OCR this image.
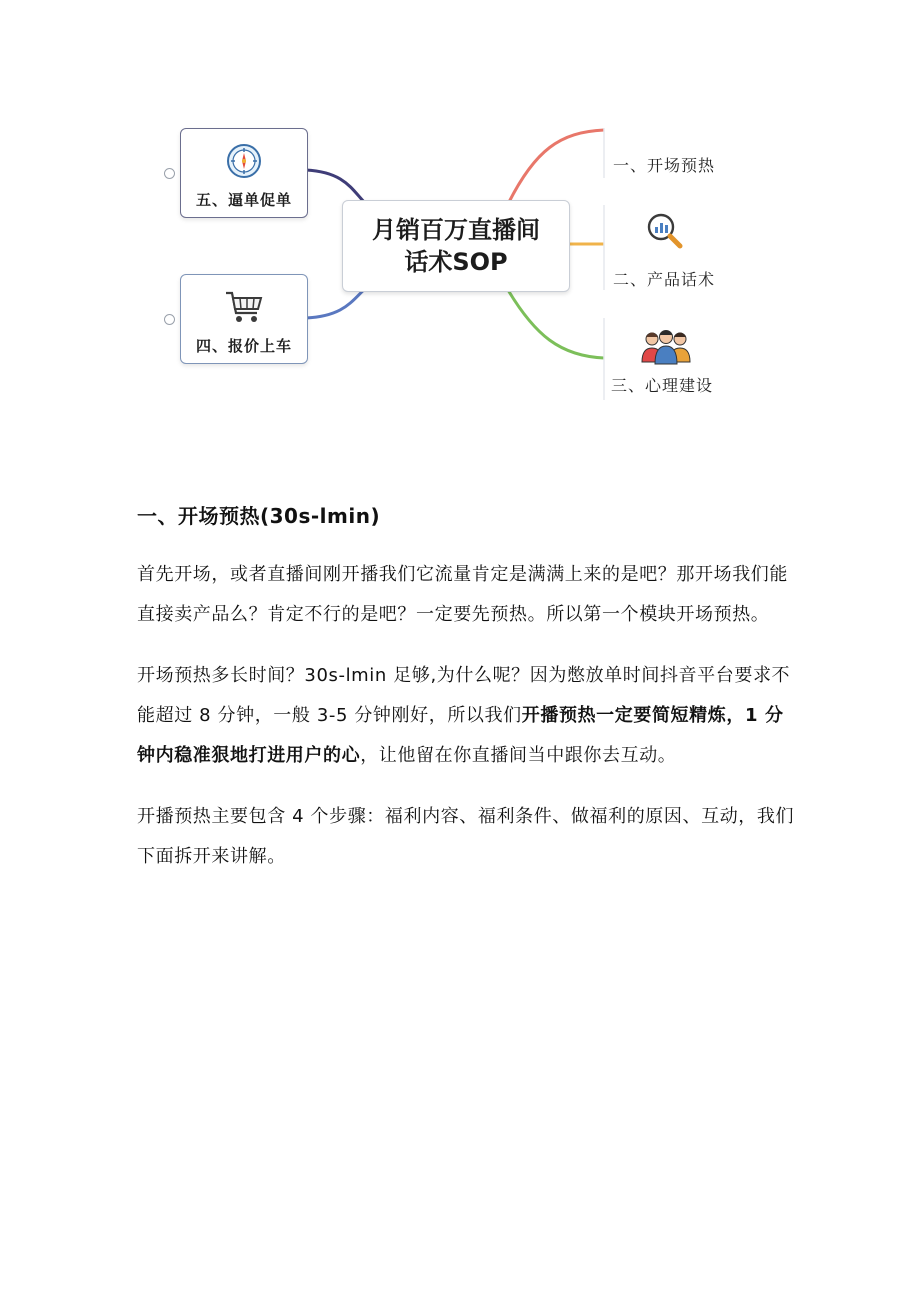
月销百万直播间
话术SOP
五、逼单促单
四、报价上车
一、开场预热
二、产品话术
三、心理建设
一、开场预热(30s-lmin)

首先开场，或者直播间刚开播我们它流量肯定是满满上来的是吧？那开场我们能直接卖产品么？肯定不行的是吧？一定要先预热。所以第一个模块开场预热。

开场预热多长时间？30s-lmin 足够,为什么呢？因为憋放单时间抖音平台要求不能超过 8 分钟，一般 3-5 分钟刚好，所以我们开播预热一定要简短精炼，1 分钟内稳准狠地打进用户的心，让他留在你直播间当中跟你去互动。

开播预热主要包含 4 个步骤：福利内容、福利条件、做福利的原因、互动，我们下面拆开来讲解。
